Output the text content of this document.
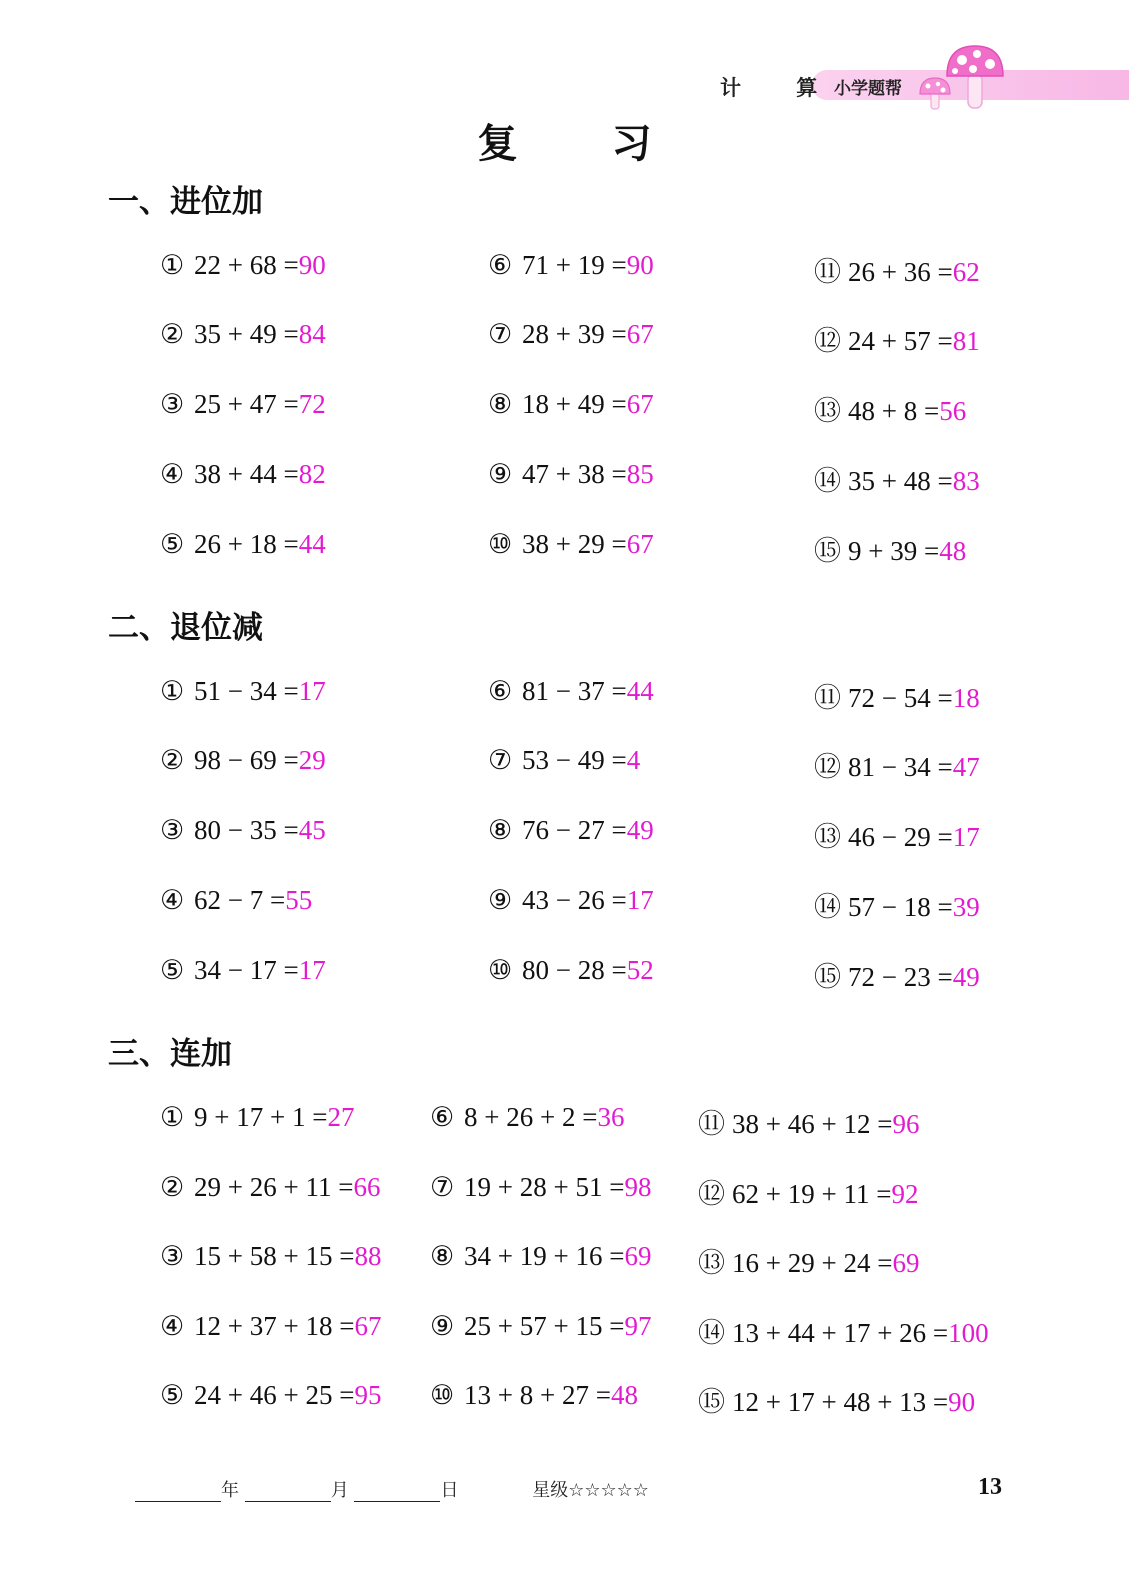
计 算
小学题帮
复 习
一、进位加
二、退位减
三、连加
① 22 + 68 =90
② 35 + 49 =84
③ 25 + 47 =72
④ 38 + 44 =82
⑤ 26 + 18 =44
⑥ 71 + 19 =90
⑦ 28 + 39 =67
⑧ 18 + 49 =67
⑨ 47 + 38 =85
⑩ 38 + 29 =67
⑪ 26 + 36 =62
⑫ 24 + 57 =81
⑬ 48 + 8 =56
⑭ 35 + 48 =83
⑮ 9 + 39 =48
① 51 − 34 =17
② 98 − 69 =29
③ 80 − 35 =45
④ 62 − 7 =55
⑤ 34 − 17 =17
⑥ 81 − 37 =44
⑦ 53 − 49 =4
⑧ 76 − 27 =49
⑨ 43 − 26 =17
⑩ 80 − 28 =52
⑪ 72 − 54 =18
⑫ 81 − 34 =47
⑬ 46 − 29 =17
⑭ 57 − 18 =39
⑮ 72 − 23 =49
① 9 + 17 + 1 =27
② 29 + 26 + 11 =66
③ 15 + 58 + 15 =88
④ 12 + 37 + 18 =67
⑤ 24 + 46 + 25 =95
⑥ 8 + 26 + 2 =36
⑦ 19 + 28 + 51 =98
⑧ 34 + 19 + 16 =69
⑨ 25 + 57 + 15 =97
⑩ 13 + 8 + 27 =48
⑪ 38 + 46 + 12 =96
⑫ 62 + 19 + 11 =92
⑬ 16 + 29 + 24 =69
⑭ 13 + 44 + 17 + 26 =100
⑮ 12 + 17 + 48 + 13 =90
年	月	日	星级☆☆☆☆☆	13
